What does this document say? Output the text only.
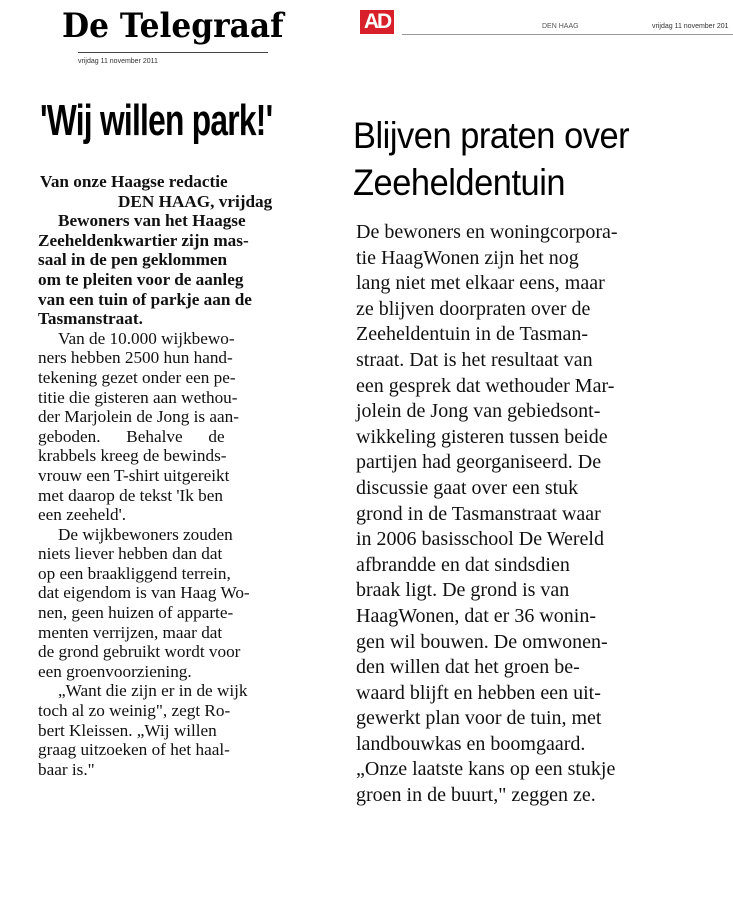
De Telegraaf
vrijdag 11 november 2011
'Wij willen park!'
Van onze Haagse redactie
DEN HAAG, vrijdag
Bewoners van het Haagse
Zeeheldenkwartier zijn mas-
saal in de pen geklommen
om te pleiten voor de aanleg
van een tuin of parkje aan de
Tasmanstraat.
Van de 10.000 wijkbewo-
ners hebben 2500 hun hand-
tekening gezet onder een pe-
titie die gisteren aan wethou-
der Marjolein de Jong is aan-
geboden.      Behalve      de
krabbels kreeg de bewinds-
vrouw een T-shirt uitgereikt
met daarop de tekst 'Ik ben
een zeeheld'.
De wijkbewoners zouden
niets liever hebben dan dat
op een braakliggend terrein,
dat eigendom is van Haag Wo-
nen, geen huizen of apparte-
menten verrijzen, maar dat
de grond gebruikt wordt voor
een groenvoorziening.
„Want die zijn er in de wijk
toch al zo weinig", zegt Ro-
bert Kleissen. „Wij willen
graag uitzoeken of het haal-
baar is."
AD	DEN HAAG	vrijdag 11 november 201
Blijven praten over
Zeeheldentuin
De bewoners en woningcorpora-
tie HaagWonen zijn het nog
lang niet met elkaar eens, maar
ze blijven doorpraten over de
Zeeheldentuin in de Tasman-
straat. Dat is het resultaat van
een gesprek dat wethouder Mar-
jolein de Jong van gebiedsont-
wikkeling gisteren tussen beide
partijen had georganiseerd. De
discussie gaat over een stuk
grond in de Tasmanstraat waar
in 2006 basisschool De Wereld
afbrandde en dat sindsdien
braak ligt. De grond is van
HaagWonen, dat er 36 wonin-
gen wil bouwen. De omwonen-
den willen dat het groen be-
waard blijft en hebben een uit-
gewerkt plan voor de tuin, met
landbouwkas en boomgaard.
„Onze laatste kans op een stukje
groen in de buurt," zeggen ze.
